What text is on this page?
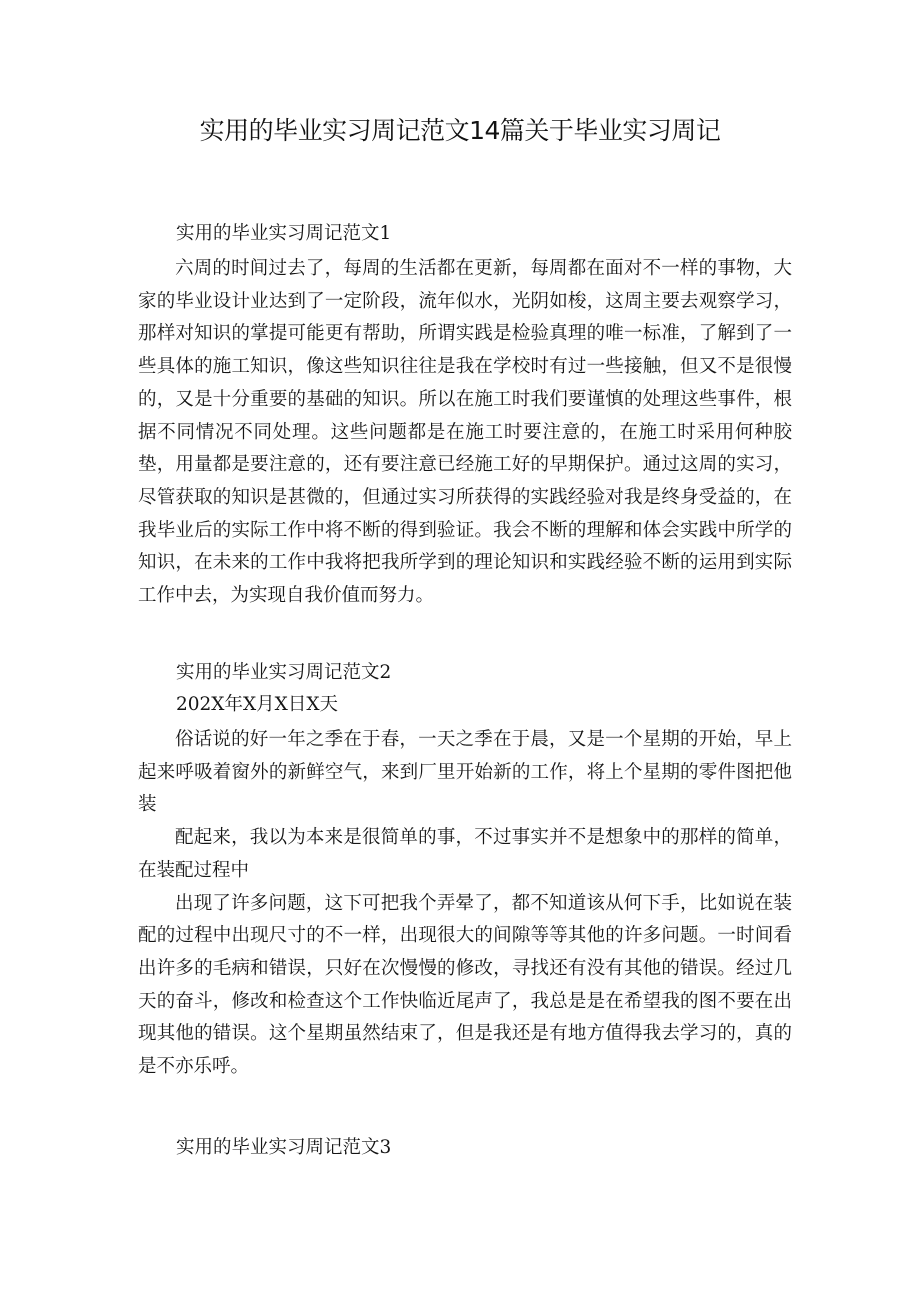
实用的毕业实习周记范文14篇关于毕业实习周记
实用的毕业实习周记范文1

六周的时间过去了，每周的生活都在更新，每周都在面对不一样的事物，大家的毕业设计业达到了一定阶段，流年似水，光阴如梭，这周主要去观察学习，那样对知识的掌提可能更有帮助，所谓实践是检验真理的唯一标准，了解到了一些具体的施工知识，像这些知识往往是我在学校时有过一些接触，但又不是很慢的，又是十分重要的基础的知识。所以在施工时我们要谨慎的处理这些事件，根据不同情况不同处理。这些问题都是在施工时要注意的，在施工时采用何种胶垫，用量都是要注意的，还有要注意已经施工好的早期保护。通过这周的实习，尽管获取的知识是甚微的，但通过实习所获得的实践经验对我是终身受益的，在我毕业后的实际工作中将不断的得到验证。我会不断的理解和体会实践中所学的知识，在未来的工作中我将把我所学到的理论知识和实践经验不断的运用到实际工作中去，为实现自我价值而努力。

实用的毕业实习周记范文2
202X年X月X日X天

俗话说的好一年之季在于春，一天之季在于晨，又是一个星期的开始，早上起来呼吸着窗外的新鲜空气，来到厂里开始新的工作，将上个星期的零件图把他装

配起来，我以为本来是很简单的事，不过事实并不是想象中的那样的简单，在装配过程中

出现了许多问题，这下可把我个弄晕了，都不知道该从何下手，比如说在装配的过程中出现尺寸的不一样，出现很大的间隙等等其他的许多问题。一时间看出许多的毛病和错误，只好在次慢慢的修改，寻找还有没有其他的错误。经过几天的奋斗，修改和检查这个工作快临近尾声了，我总是是在希望我的图不要在出现其他的错误。这个星期虽然结束了，但是我还是有地方值得我去学习的，真的是不亦乐呼。

实用的毕业实习周记范文3
